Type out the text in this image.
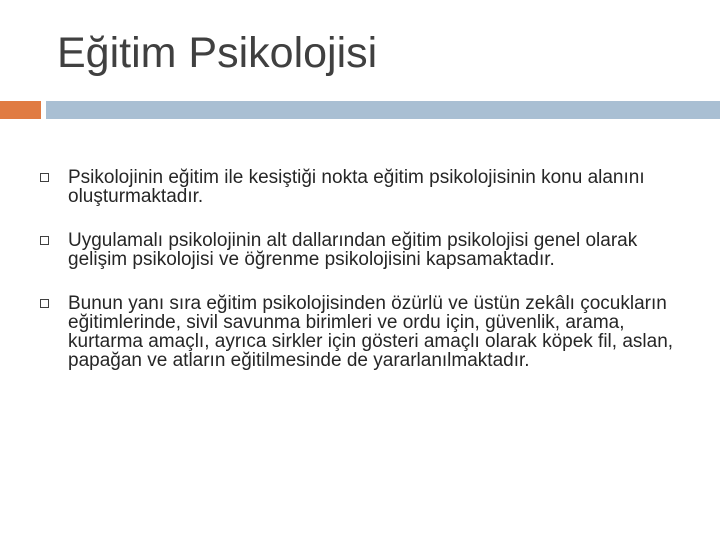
Eğitim Psikolojisi
Psikolojinin eğitim ile kesiştiği nokta eğitim psikolojisinin konu alanını oluşturmaktadır.
Uygulamalı psikolojinin alt dallarından eğitim psikolojisi genel olarak gelişim psikolojisi ve öğrenme psikolojisini kapsamaktadır.
Bunun yanı sıra eğitim psikolojisinden özürlü ve üstün zekâlı çocukların eğitimlerinde, sivil savunma birimleri ve ordu için, güvenlik, arama, kurtarma amaçlı, ayrıca sirkler için gösteri amaçlı olarak köpek fil, aslan, papağan ve atların eğitilmesinde de yararlanılmaktadır.
